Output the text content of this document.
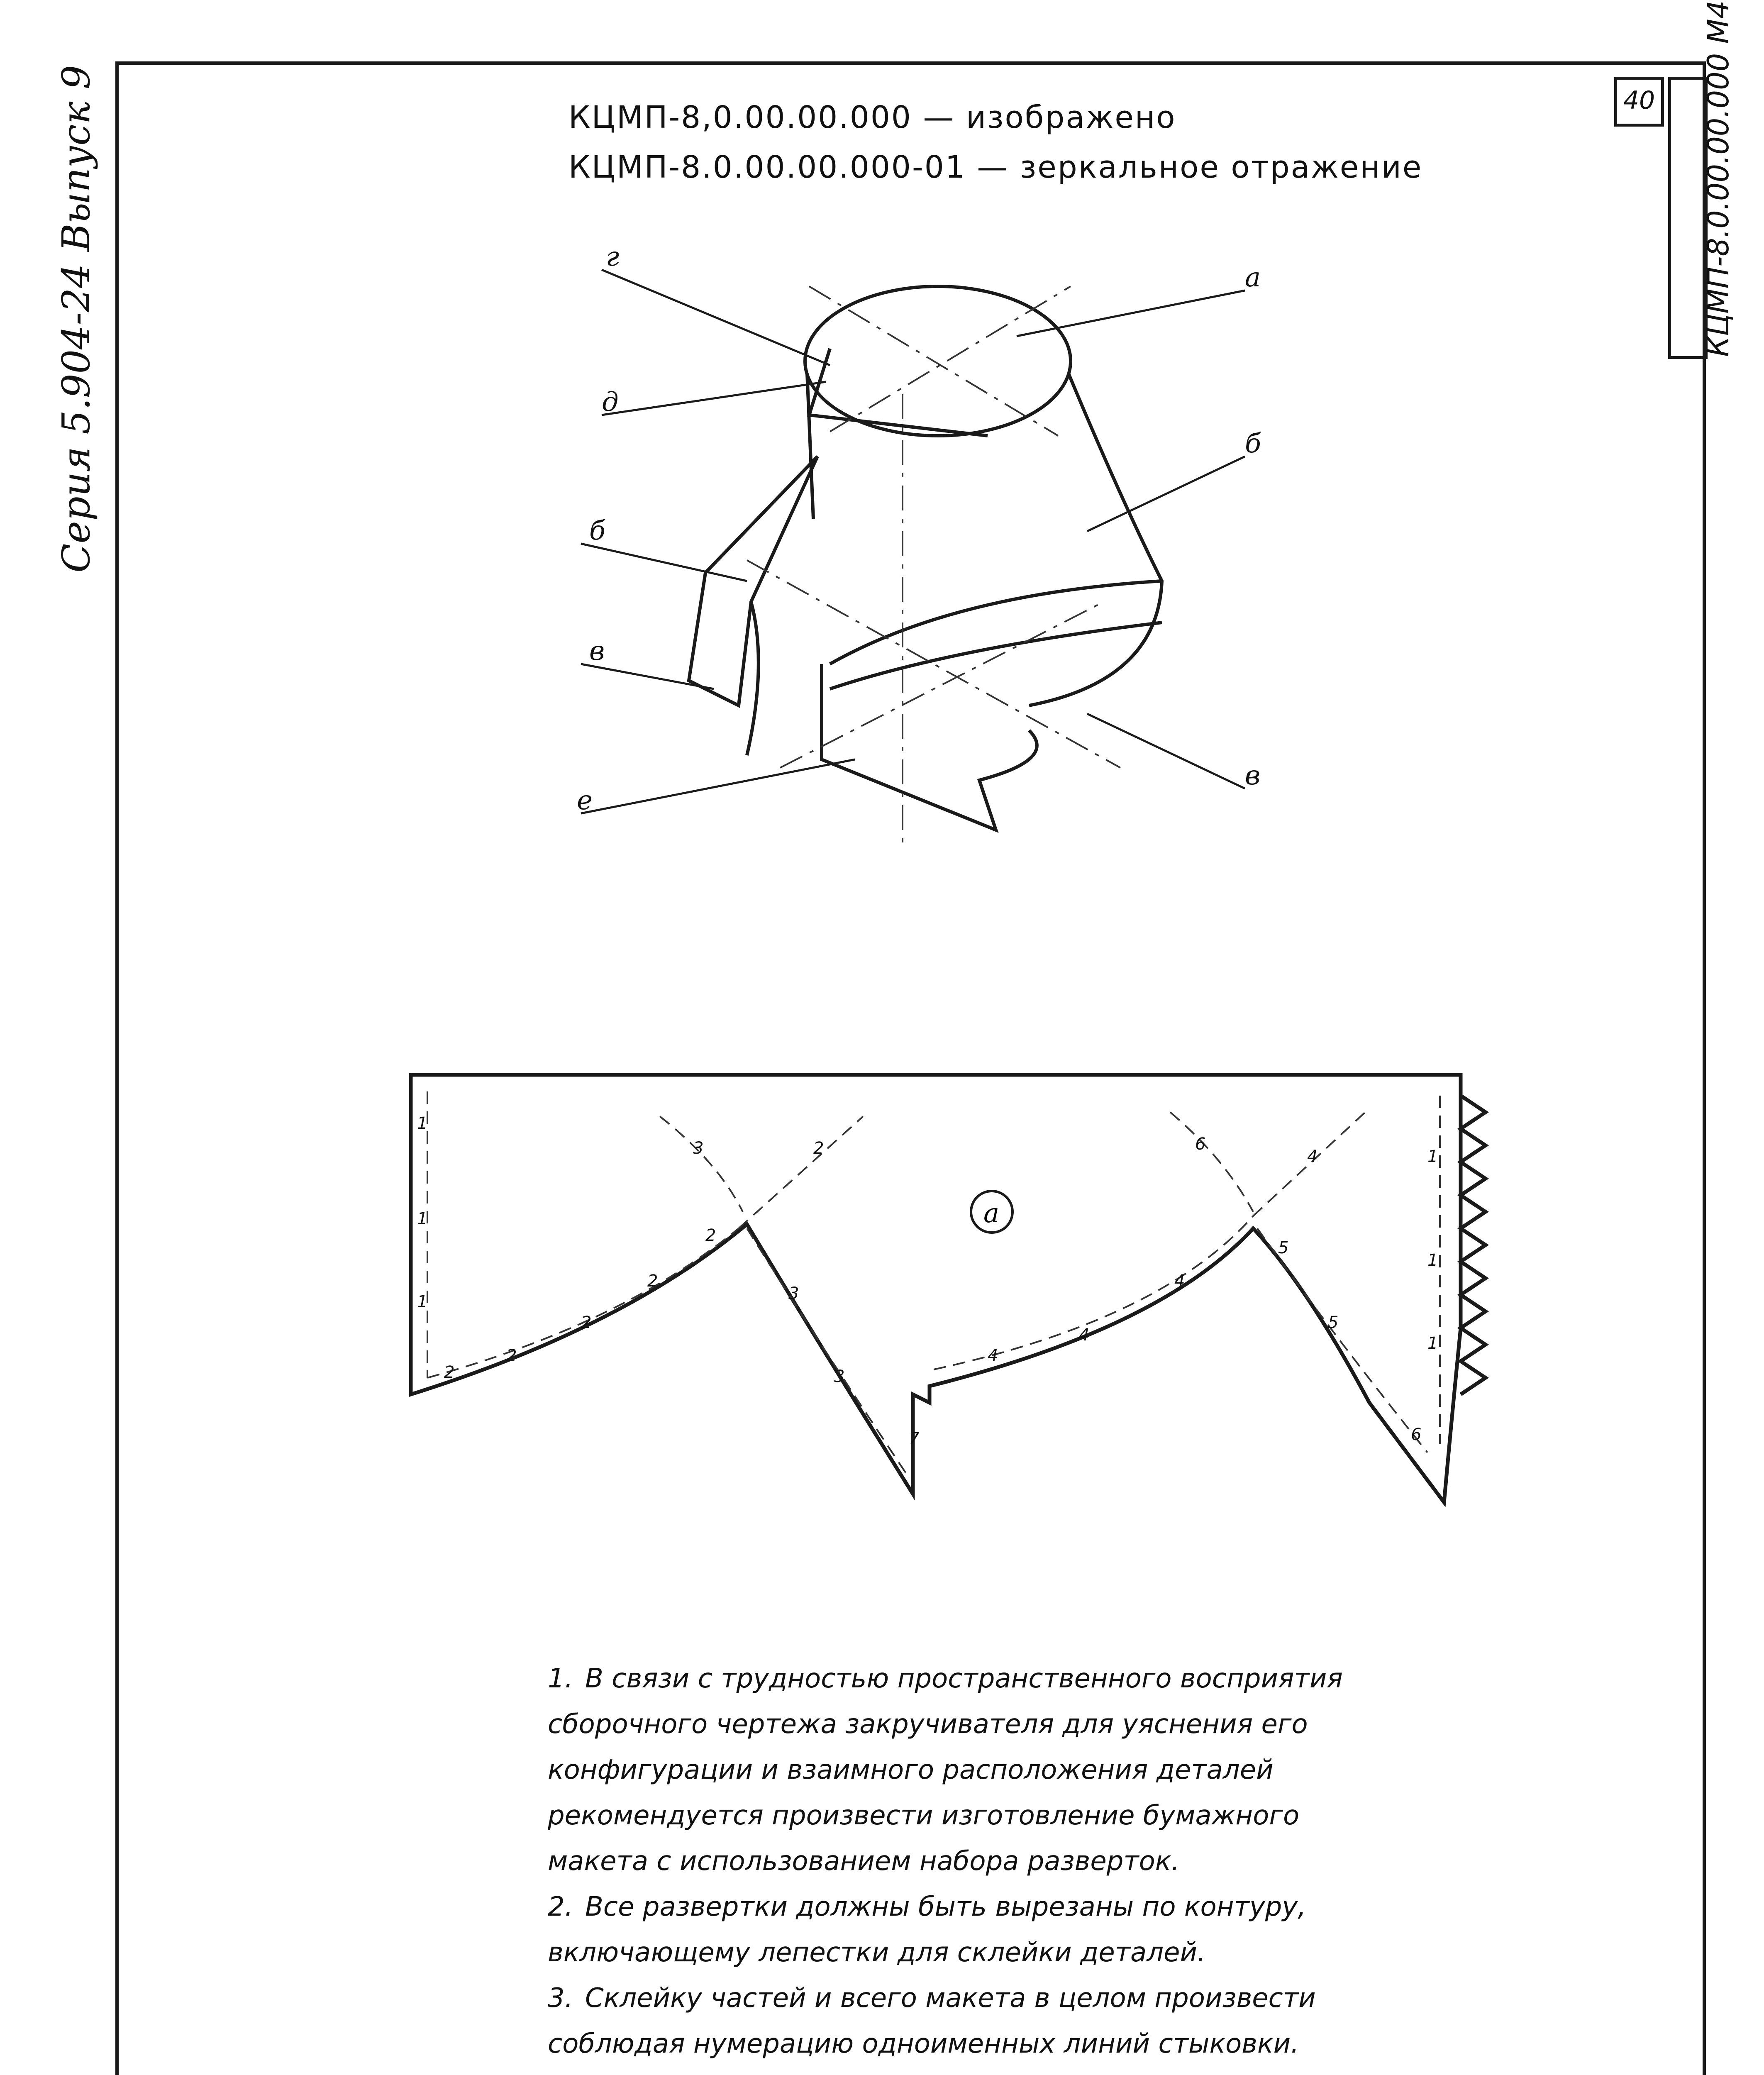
Серия 5.904-24 Выпуск 9	40	КЦМП-8.0.00.00.000 М4
КЦМП-8,0.00.00.000 — изображено
КЦМП-8.0.00.00.000-01 — зеркальное отражение
г
а
д
б
б
в
в
е
а
1
1
1
2
2
2
2
2
2
3
3
3
4
4
4
4
5
5
6
6
7
1
1
1
1. В связи с трудностью пространственного восприятия сборочного чертежа закручивателя для уяснения его конфигурации и взаимного расположения деталей рекомендуется произвести изготовление бумажного макета с использованием набора разверток.
2. Все развертки должны быть вырезаны по контуру, включающему лепестки для склейки деталей.
3. Склейку частей и всего макета в целом произвести соблюдая нумерацию одноименных линий стыковки.
